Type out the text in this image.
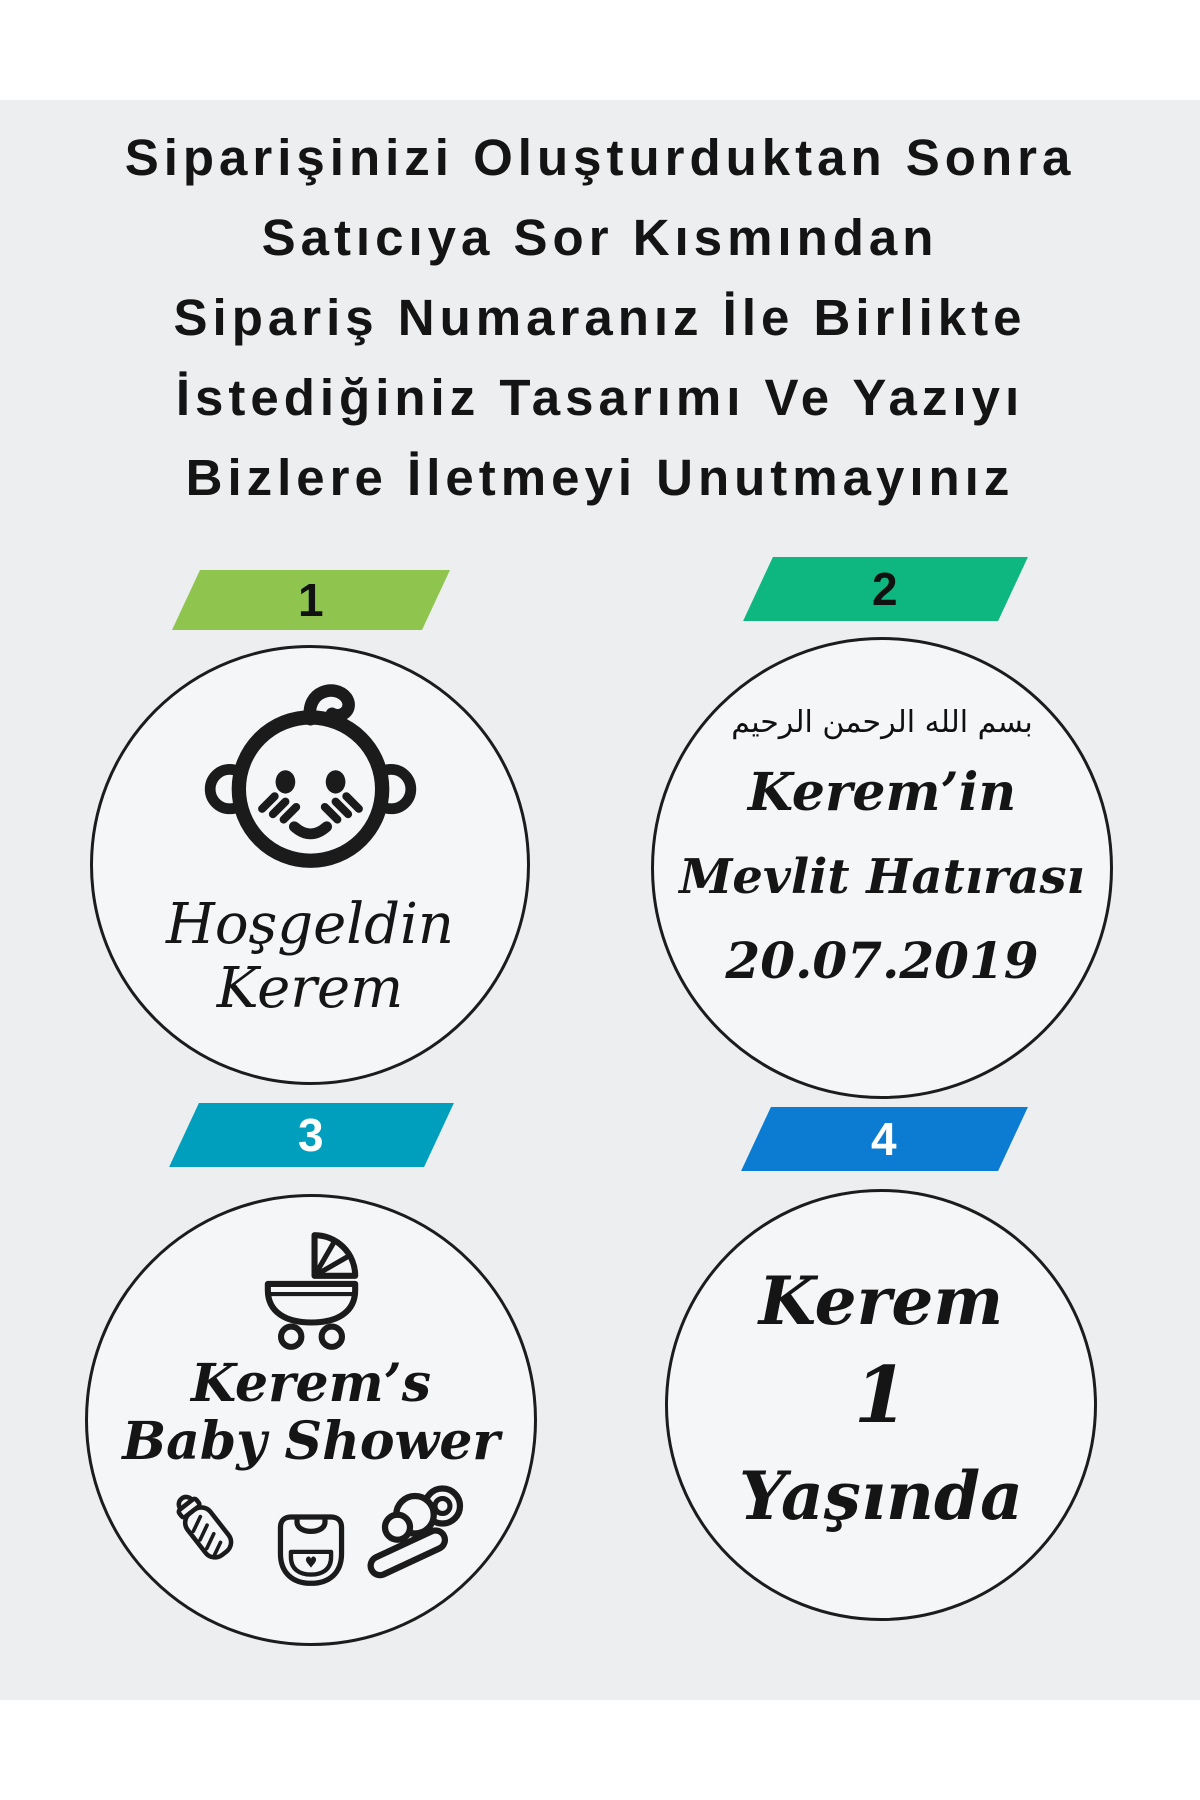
Siparişinizi Oluşturduktan Sonra
Satıcıya Sor Kısmından
Sipariş Numaranız İle Birlikte
İstediğiniz Tasarımı Ve Yazıyı
Bizlere İletmeyi Unutmayınız
1
Hoşgeldin
Kerem
2
بسم الله الرحمن الرحيم
Kerem’in
Mevlit Hatırası
20.07.2019
3
Kerem’s
Baby Shower
4
Kerem
1
Yaşında
